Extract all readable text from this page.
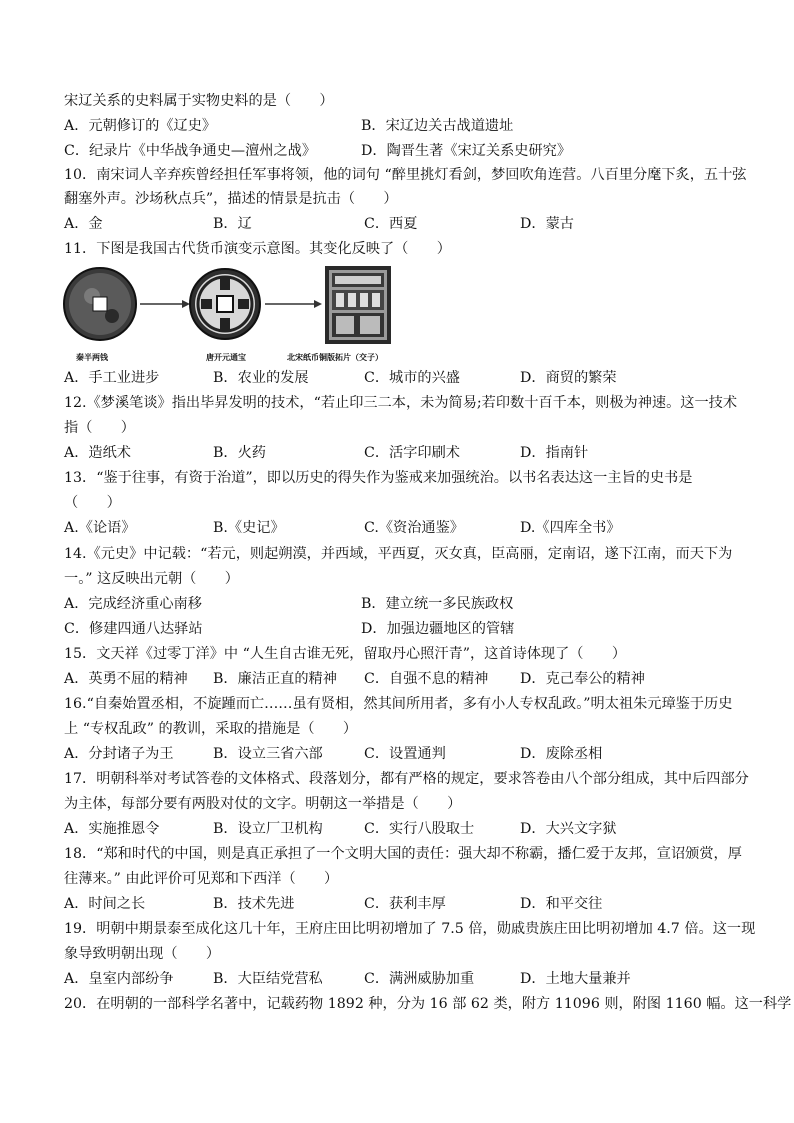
宋辽关系的史料属于实物史料的是（　　）
A．元朝修订的《辽史》	B．宋辽边关古战道遗址
C．纪录片《中华战争通史—澶州之战》	D．陶晋生著《宋辽关系史研究》
10．南宋词人辛弃疾曾经担任军事将领，他的词句 “醉里挑灯看剑，梦回吹角连营。八百里分麾下炙，五十弦
翻塞外声。沙场秋点兵”，描述的情景是抗击（　　）
A．金	B．辽	C．西夏	D．蒙古
11．下图是我国古代货币演变示意图。其变化反映了（　　）
秦半两钱	唐开元通宝	北宋纸币铜版拓片（交子）
A．手工业进步	B．农业的发展	C．城市的兴盛	D．商贸的繁荣
12.《梦溪笔谈》指出毕昇发明的技术，“若止印三二本，未为简易;若印数十百千本，则极为神速。这一技术
指（　　）
A．造纸术	B．火药	C．活字印刷术	D．指南针
13．“鉴于往事，有资于治道”，即以历史的得失作为鉴戒来加强统治。以书名表达这一主旨的史书是
（　　）
A.《论语》	B.《史记》	C.《资治通鉴》	D.《四库全书》
14.《元史》中记载：“若元，则起朔漠，并西域，平西夏，灭女真，臣高丽，定南诏，遂下江南，而天下为
一。” 这反映出元朝（　　）
A．完成经济重心南移	B．建立统一多民族政权
C．修建四通八达驿站	D．加强边疆地区的管辖
15．文天祥《过零丁洋》中 “人生自古谁无死，留取丹心照汗青”，这首诗体现了（　　）
A．英勇不屈的精神 B．廉洁正直的精神 C．自强不息的精神 D．克己奉公的精神
16.“自秦始置丞相，不旋踵而亡……虽有贤相，然其间所用者，多有小人专权乱政。”明太祖朱元璋鉴于历史
上 “专权乱政” 的教训，采取的措施是（　　）
A．分封诸子为王	B．设立三省六部	C．设置通判	D．废除丞相
17．明朝科举对考试答卷的文体格式、段落划分，都有严格的规定，要求答卷由八个部分组成，其中后四部分
为主体，每部分要有两股对仗的文字。明朝这一举措是（　　）
A．实施推恩令	B．设立厂卫机构	C．实行八股取士	D．大兴文字狱
18．“郑和时代的中国，则是真正承担了一个文明大国的责任：强大却不称霸，播仁爱于友邦，宣诏颁赏，厚
往薄来。” 由此评价可见郑和下西洋（　　）
A．时间之长	B．技术先进	C．获利丰厚	D．和平交往
19．明朝中期景泰至成化这几十年，王府庄田比明初增加了 7.5 倍，勋戚贵族庄田比明初增加 4.7 倍。这一现
象导致明朝出现（　　）
A．皇室内部纷争	B．大臣结党营私	C．满洲威胁加重	D．土地大量兼并
20．在明朝的一部科学名著中，记载药物 1892 种，分为 16 部 62 类，附方 11096 则，附图 1160 幅。这一科学
